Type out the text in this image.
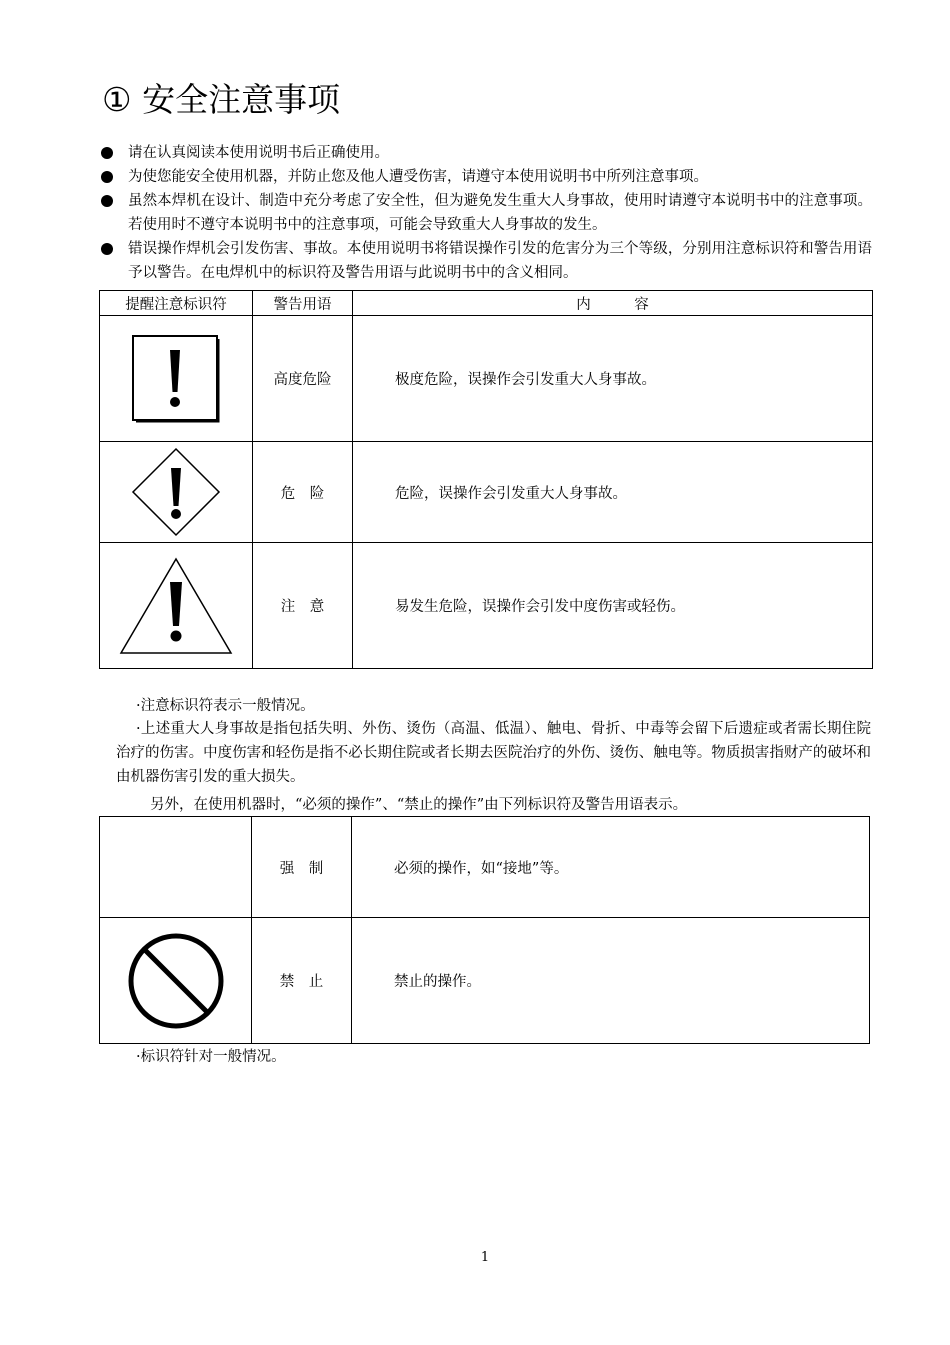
① 安全注意事项
请在认真阅读本使用说明书后正确使用。
为使您能安全使用机器，并防止您及他人遭受伤害，请遵守本使用说明书中所列注意事项。
虽然本焊机在设计、制造中充分考虑了安全性，但为避免发生重大人身事故，使用时请遵守本说明书中的注意事项。若使用时不遵守本说明书中的注意事项，可能会导致重大人身事故的发生。
错误操作焊机会引发伤害、事故。本使用说明书将错误操作引发的危害分为三个等级，分别用注意标识符和警告用语予以警告。在电焊机中的标识符及警告用语与此说明书中的含义相同。
提醒注意标识符	警告用语	内　　　容

	高度危险	极度危险，误操作会引发重大人身事故。

	危　险	危险，误操作会引发重大人身事故。

	注　意	易发生危险，误操作会引发中度伤害或轻伤。

·注意标识符表示一般情况。

·上述重大人身事故是指包括失明、外伤、烫伤（高温、低温）、触电、骨折、中毒等会留下后遗症或者需长期住院治疗的伤害。中度伤害和轻伤是指不必长期住院或者长期去医院治疗的外伤、烫伤、触电等。物质损害指财产的破坏和由机器伤害引发的重大损失。

另外，在使用机器时，“必须的操作”、“禁止的操作”由下列标识符及警告用语表示。

	强　制	必须的操作，如“接地”等。

	禁　止	禁止的操作。

·标识符针对一般情况。

1
